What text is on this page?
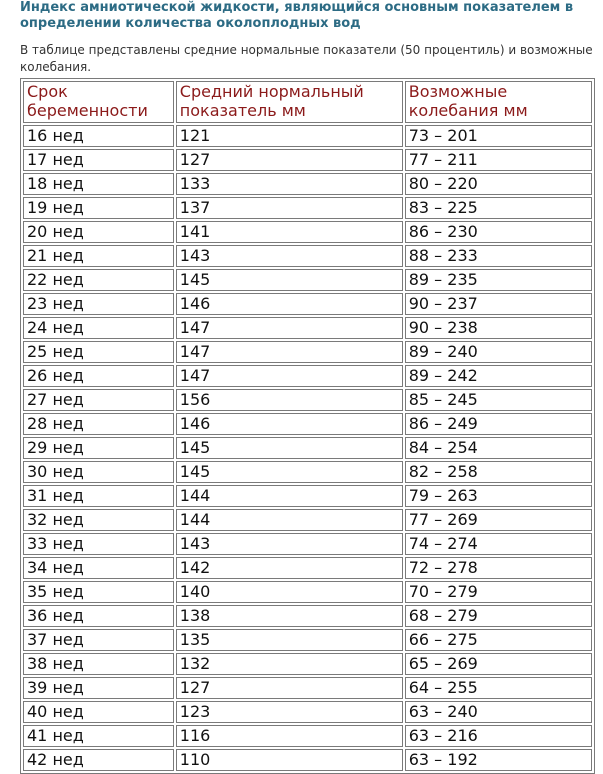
Индекс амниотической жидкости, являющийся основным показателем в определении количества околоплодных вод
В таблице представлены средние нормальные показатели (50 процентиль) и возможные колебания.
Срок беременности	Средний нормальный показатель мм	Возможные колебания мм
16 нед	121	73 – 201
17 нед	127	77 – 211
18 нед	133	80 – 220
19 нед	137	83 – 225
20 нед	141	86 – 230
21 нед	143	88 – 233
22 нед	145	89 – 235
23 нед	146	90 – 237
24 нед	147	90 – 238
25 нед	147	89 – 240
26 нед	147	89 – 242
27 нед	156	85 – 245
28 нед	146	86 – 249
29 нед	145	84 – 254
30 нед	145	82 – 258
31 нед	144	79 – 263
32 нед	144	77 – 269
33 нед	143	74 – 274
34 нед	142	72 – 278
35 нед	140	70 – 279
36 нед	138	68 – 279
37 нед	135	66 – 275
38 нед	132	65 – 269
39 нед	127	64 – 255
40 нед	123	63 – 240
41 нед	116	63 – 216
42 нед	110	63 – 192
